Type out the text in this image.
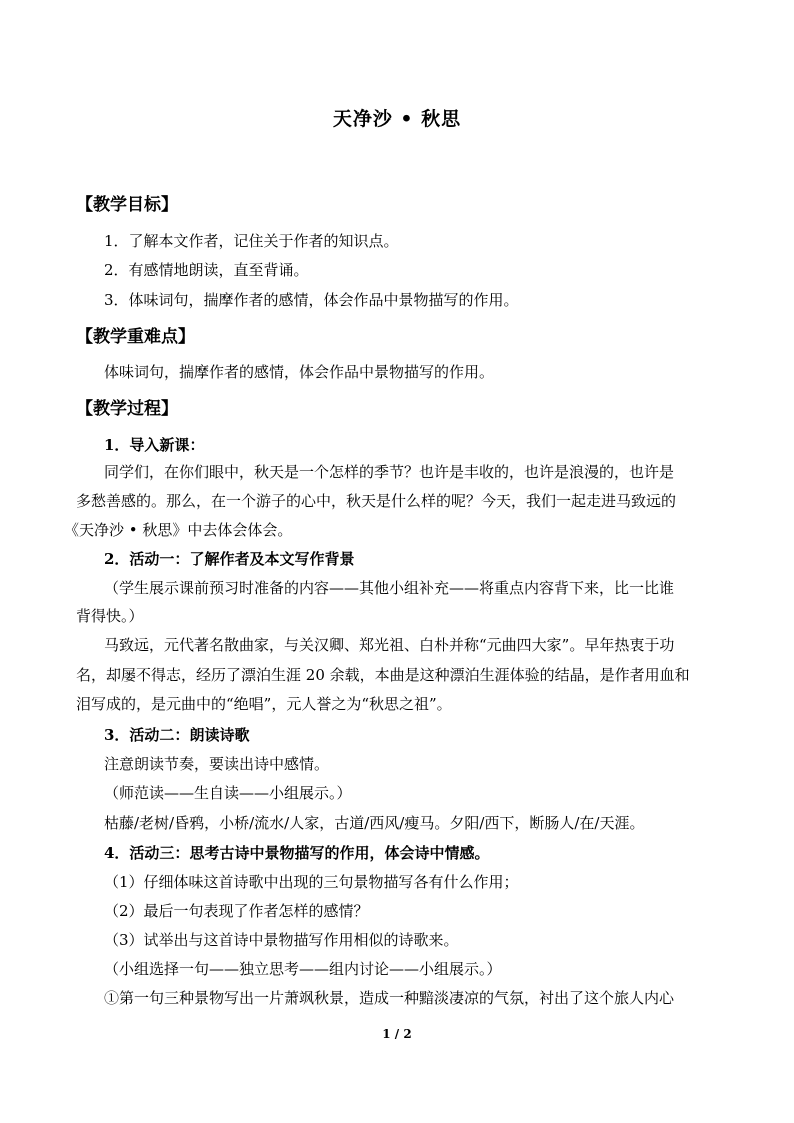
天净沙 • 秋思
【教学目标】
1．了解本文作者，记住关于作者的知识点。
2．有感情地朗读，直至背诵。
3．体味词句，揣摩作者的感情，体会作品中景物描写的作用。
【教学重难点】
体味词句，揣摩作者的感情，体会作品中景物描写的作用。
【教学过程】
1．导入新课：
同学们，在你们眼中，秋天是一个怎样的季节？也许是丰收的，也许是浪漫的，也许是
多愁善感的。那么，在一个游子的心中，秋天是什么样的呢？今天，我们一起走进马致远的
《天净沙 • 秋思》中去体会体会。
2．活动一：了解作者及本文写作背景
（学生展示课前预习时准备的内容——其他小组补充——将重点内容背下来，比一比谁
背得快。）
马致远，元代著名散曲家，与关汉卿、郑光祖、白朴并称“元曲四大家”。早年热衷于功
名，却屡不得志，经历了漂泊生涯 20 余载，本曲是这种漂泊生涯体验的结晶，是作者用血和
泪写成的，是元曲中的“绝唱”，元人誉之为“秋思之祖”。
3．活动二：朗读诗歌
注意朗读节奏，要读出诗中感情。
（师范读——生自读——小组展示。）
枯藤/老树/昏鸦，小桥/流水/人家，古道/西风/瘦马。夕阳/西下，断肠人/在/天涯。
4．活动三：思考古诗中景物描写的作用，体会诗中情感。
（1）仔细体味这首诗歌中出现的三句景物描写各有什么作用；
（2）最后一句表现了作者怎样的感情？
（3）试举出与这首诗中景物描写作用相似的诗歌来。
（小组选择一句——独立思考——组内讨论——小组展示。）
①第一句三种景物写出一片萧飒秋景，造成一种黯淡凄凉的气氛，衬出了这个旅人内心
1 / 2
